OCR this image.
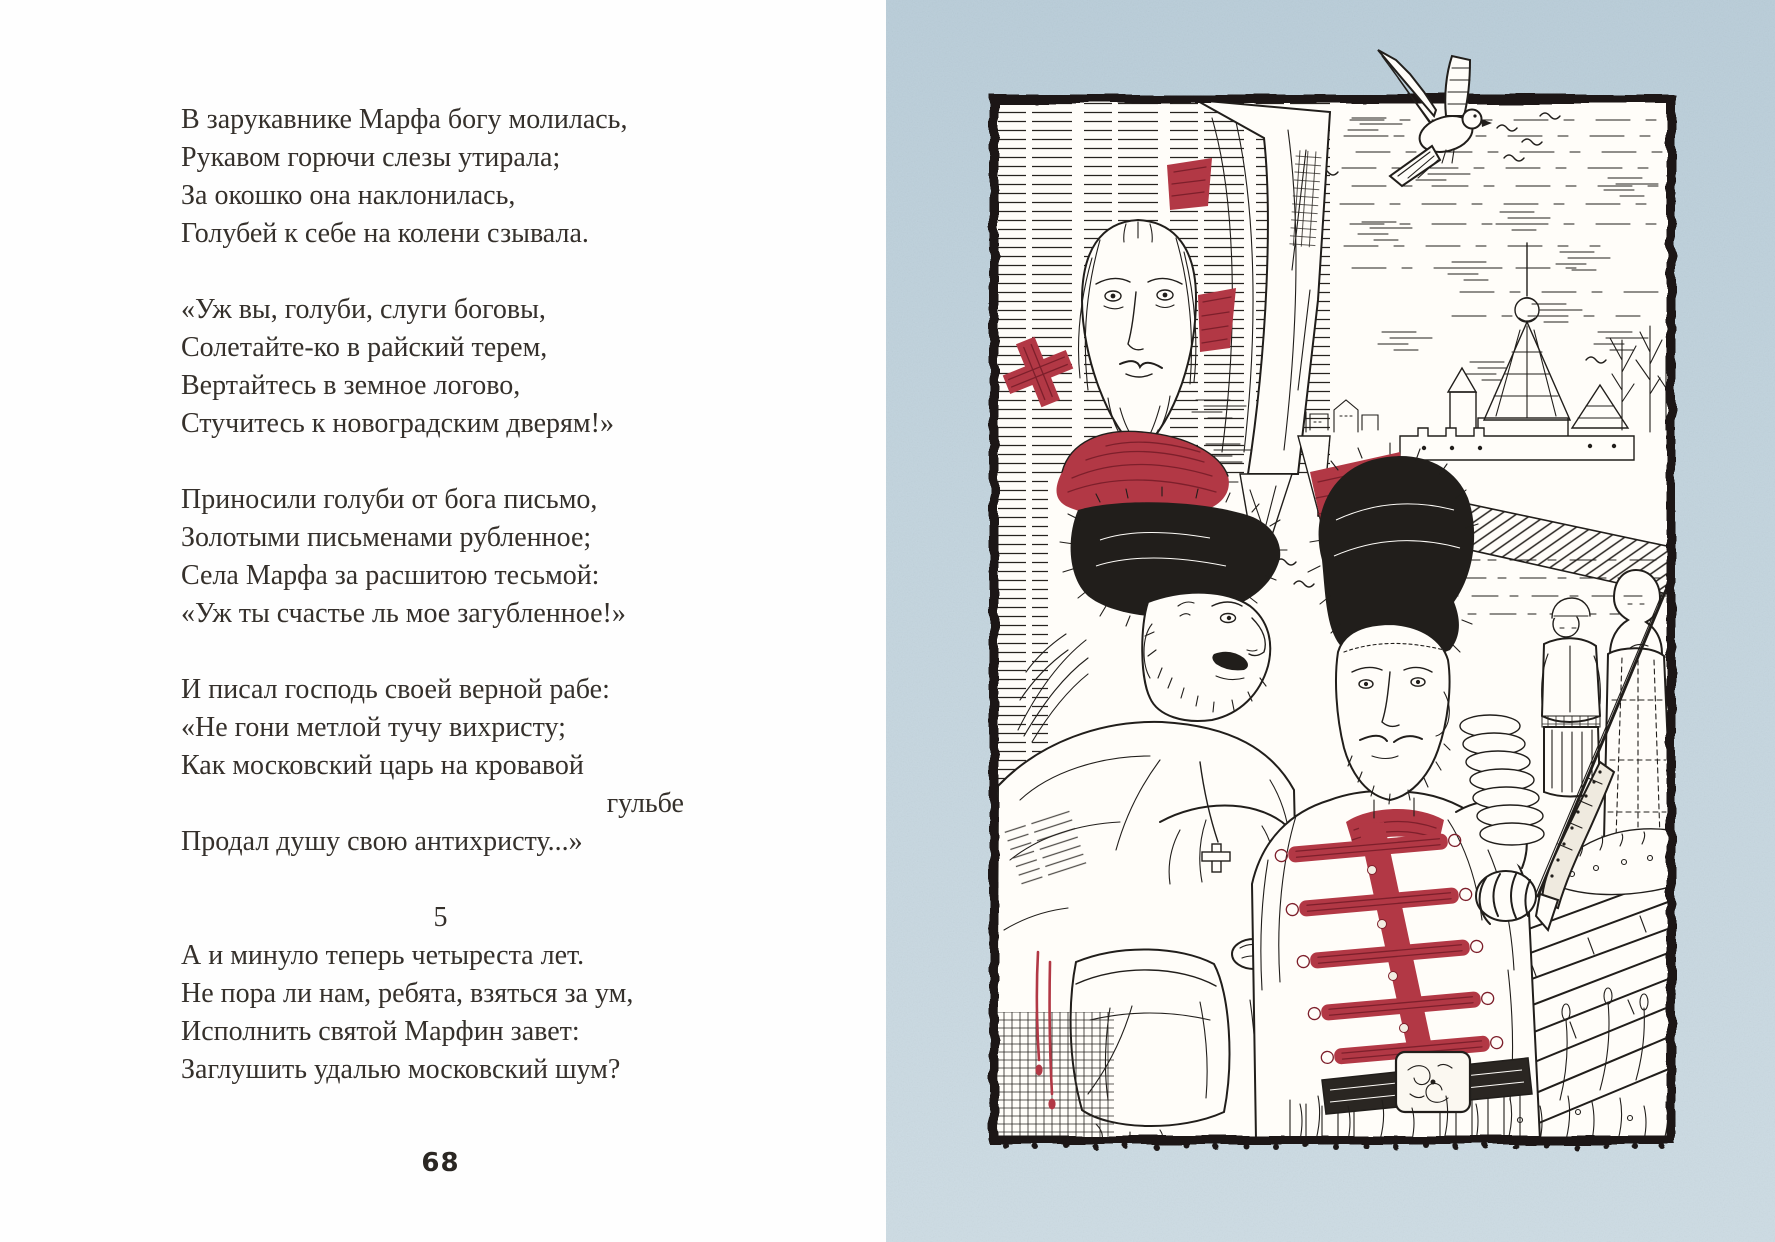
В зарукавнике Марфа богу молилась,
Рукавом горючи слезы утирала;
За окошко она наклонилась,
Голубей к себе на колени сзывала.
«Уж вы, голуби, слуги боговы,
Солетайте-ко в райский терем,
Вертайтесь в земное логово,
Стучитесь к новоградским дверям!»
Приносили голуби от бога письмо,
Золотыми письменами рубленное;
Села Марфа за расшитою тесьмой:
«Уж ты счастье ль мое загубленное!»
И писал господь своей верной рабе:
«Не гони метлой тучу вихристу;
Как московский царь на кровавой
гульбе
Продал душу свою антихристу...»
5
А и минуло теперь четыреста лет.
Не пора ли нам, ребята, взяться за ум,
Исполнить святой Марфин завет:
Заглушить удалью московский шум?
68
